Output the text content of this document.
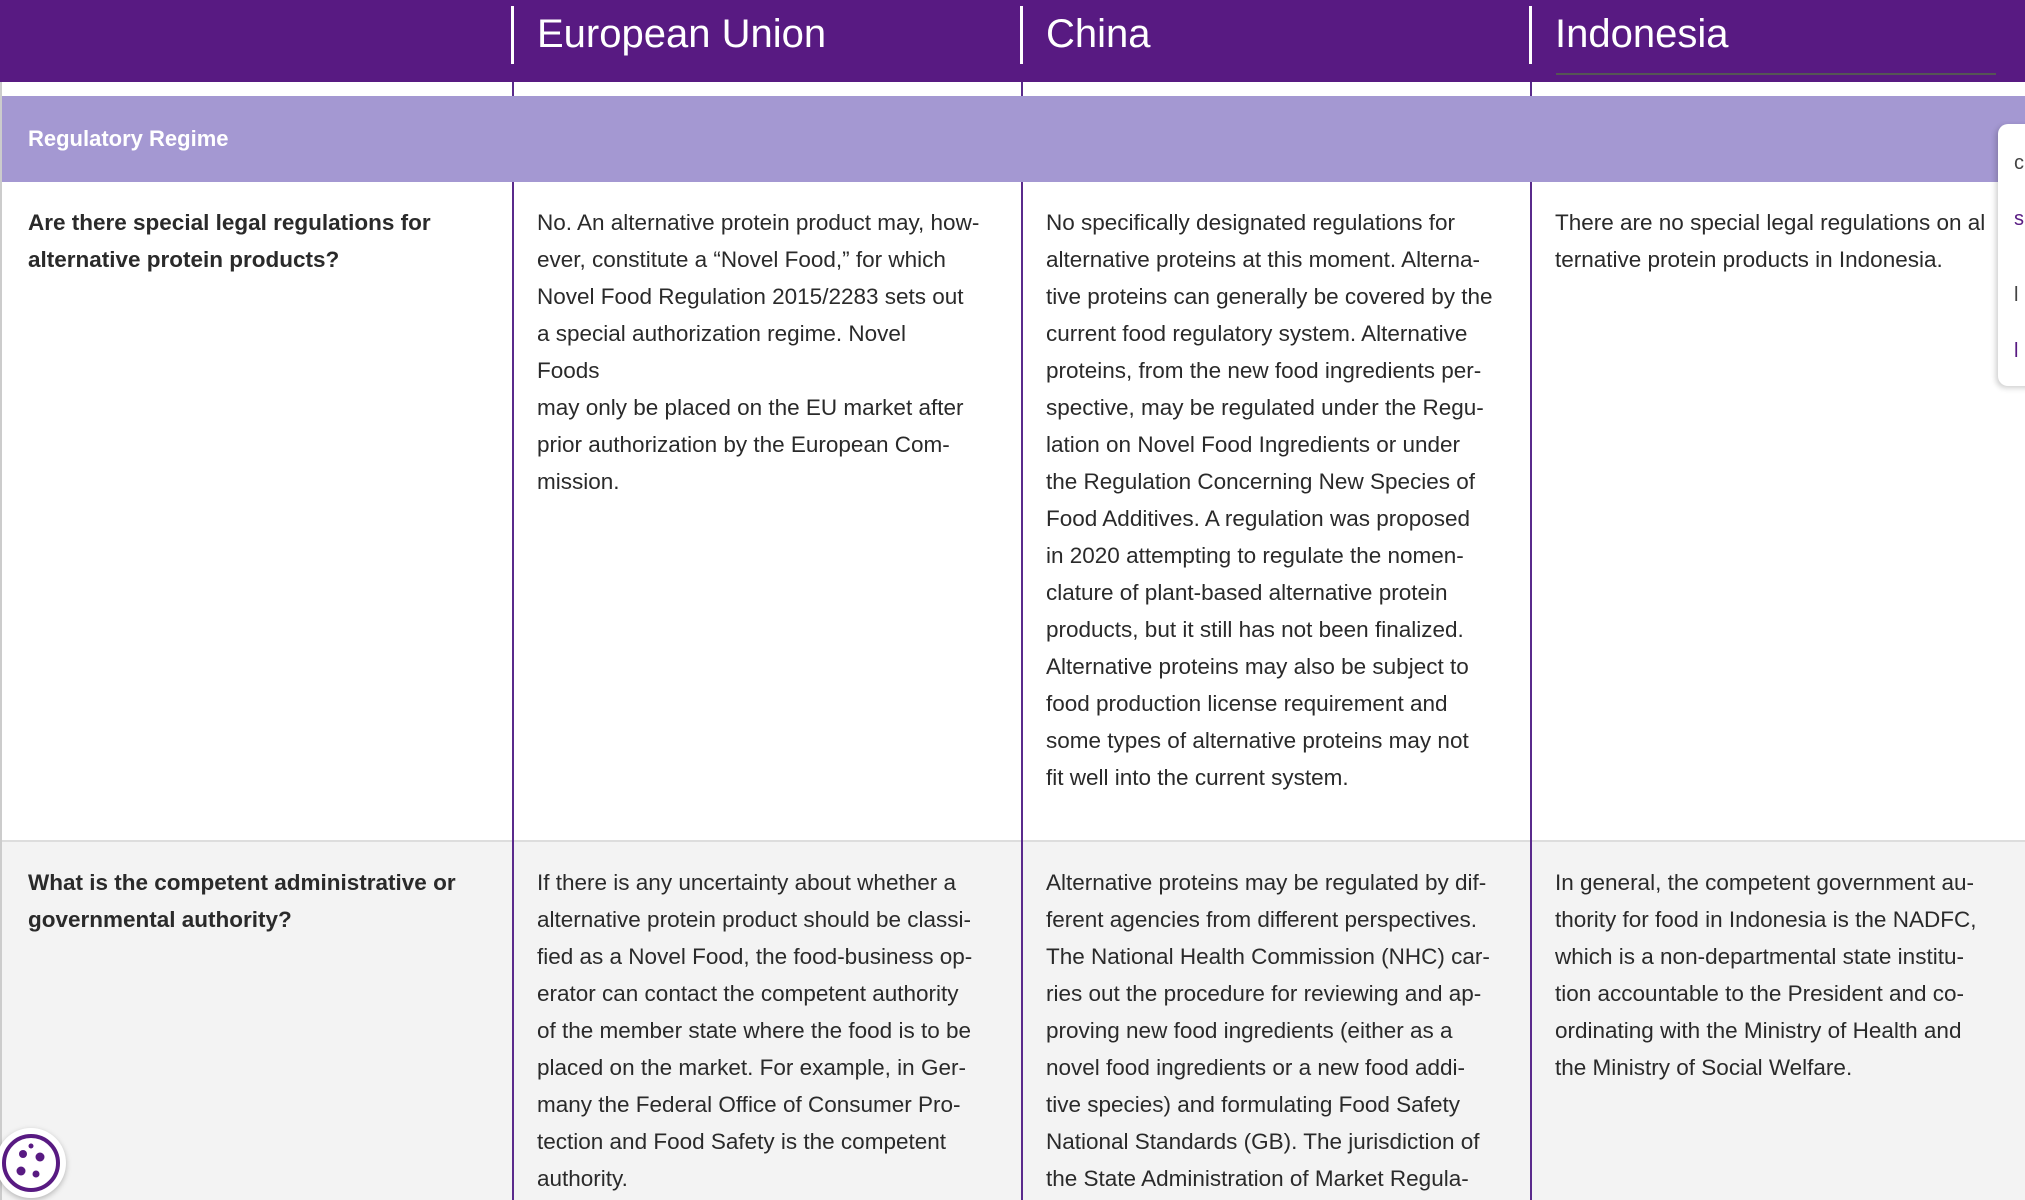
European Union	China	Indonesia
Regulatory Regime
Are there special legal regulations for alternative protein products?
No. An alternative protein product may, how-
ever, constitute a “Novel Food,” for which
Novel Food Regulation 2015/2283 sets out
a special authorization regime. Novel
Foods
may only be placed on the EU market after
prior authorization by the European Com-
mission.
No specifically designated regulations for
alternative proteins at this moment. Alterna-
tive proteins can generally be covered by the
current food regulatory system. Alternative
proteins, from the new food ingredients per-
spective, may be regulated under the Regu-
lation on Novel Food Ingredients or under
the Regulation Concerning New Species of
Food Additives. A regulation was proposed
in 2020 attempting to regulate the nomen-
clature of plant-based alternative protein
products, but it still has not been finalized.
Alternative proteins may also be subject to
food production license requirement and
some types of alternative proteins may not
fit well into the current system.
There are no special legal regulations on al
ternative protein products in Indonesia.
What is the competent administrative or governmental authority?
If there is any uncertainty about whether a
alternative protein product should be classi-
fied as a Novel Food, the food-business op-
erator can contact the competent authority
of the member state where the food is to be
placed on the market. For example, in Ger-
many the Federal Office of Consumer Pro-
tection and Food Safety is the competent
authority.
Alternative proteins may be regulated by dif-
ferent agencies from different perspectives.
The National Health Commission (NHC) car-
ries out the procedure for reviewing and ap-
proving new food ingredients (either as a
novel food ingredients or a new food addi-
tive species) and formulating Food Safety
National Standards (GB). The jurisdiction of
the State Administration of Market Regula-
In general, the competent government au-
thority for food in Indonesia is the NADFC,
which is a non-departmental state institu-
tion accountable to the President and co-
ordinating with the Ministry of Health and
the Ministry of Social Welfare.
c
s
l
l
